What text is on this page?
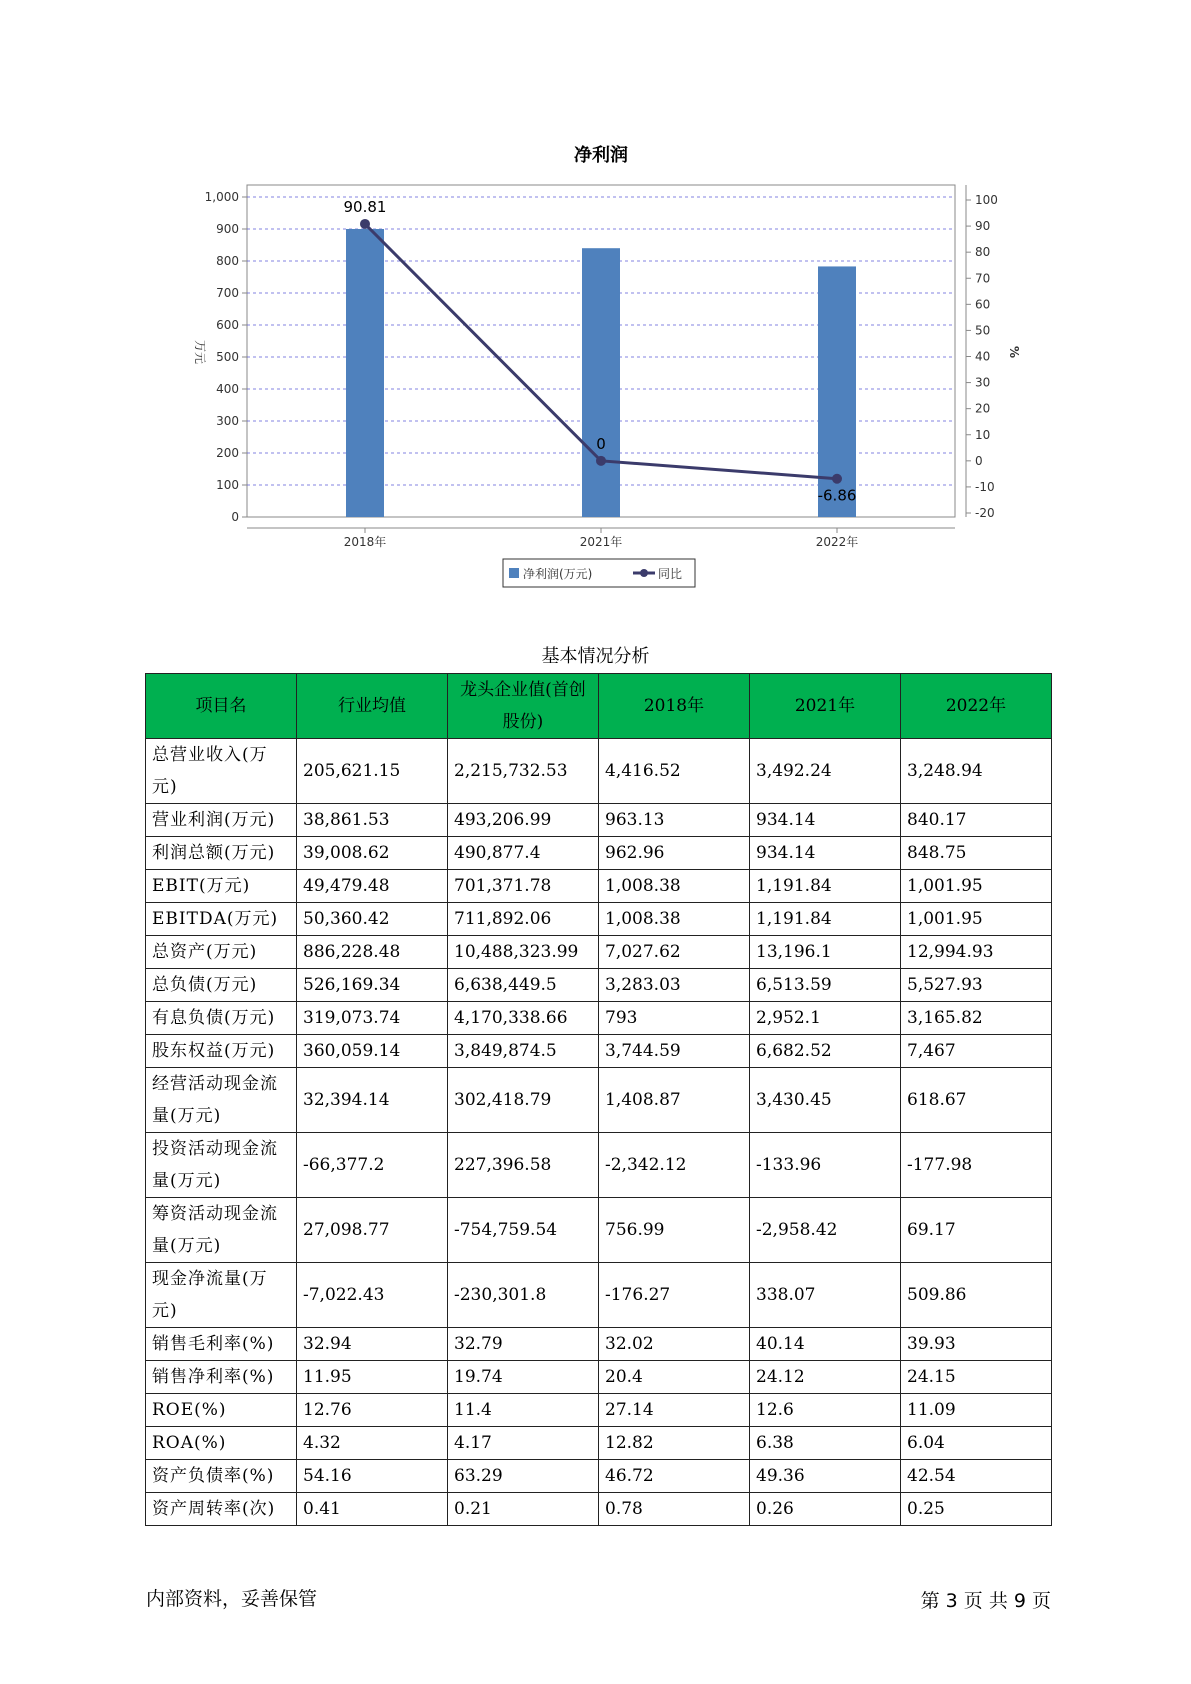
净利润
0
100
200
300
400
500
600
700
800
900
1,000
-20
-10
0
10
20
30
40
50
60
70
80
90
100
万元	%
2018年	2021年	2022年
90.81
0
-6.86
净利润(万元)	同比
基本情况分析
项目名	行业均值	龙头企业值(首创股份)	2018年	2021年	2022年
总营业收入(万元)	205,621.15	2,215,732.53	4,416.52	3,492.24	3,248.94
营业利润(万元)	38,861.53	493,206.99	963.13	934.14	840.17
利润总额(万元)	39,008.62	490,877.4	962.96	934.14	848.75
EBIT(万元)	49,479.48	701,371.78	1,008.38	1,191.84	1,001.95
EBITDA(万元)	50,360.42	711,892.06	1,008.38	1,191.84	1,001.95
总资产(万元)	886,228.48	10,488,323.99	7,027.62	13,196.1	12,994.93
总负债(万元)	526,169.34	6,638,449.5	3,283.03	6,513.59	5,527.93
有息负债(万元)	319,073.74	4,170,338.66	793	2,952.1	3,165.82
股东权益(万元)	360,059.14	3,849,874.5	3,744.59	6,682.52	7,467
经营活动现金流量(万元)	32,394.14	302,418.79	1,408.87	3,430.45	618.67
投资活动现金流量(万元)	-66,377.2	227,396.58	-2,342.12	-133.96	-177.98
筹资活动现金流量(万元)	27,098.77	-754,759.54	756.99	-2,958.42	69.17
现金净流量(万元)	-7,022.43	-230,301.8	-176.27	338.07	509.86
销售毛利率(%)	32.94	32.79	32.02	40.14	39.93
销售净利率(%)	11.95	19.74	20.4	24.12	24.15
ROE(%)	12.76	11.4	27.14	12.6	11.09
ROA(%)	4.32	4.17	12.82	6.38	6.04
资产负债率(%)	54.16	63.29	46.72	49.36	42.54
资产周转率(次)	0.41	0.21	0.78	0.26	0.25
内部资料，妥善保管	第 3 页 共 9 页
